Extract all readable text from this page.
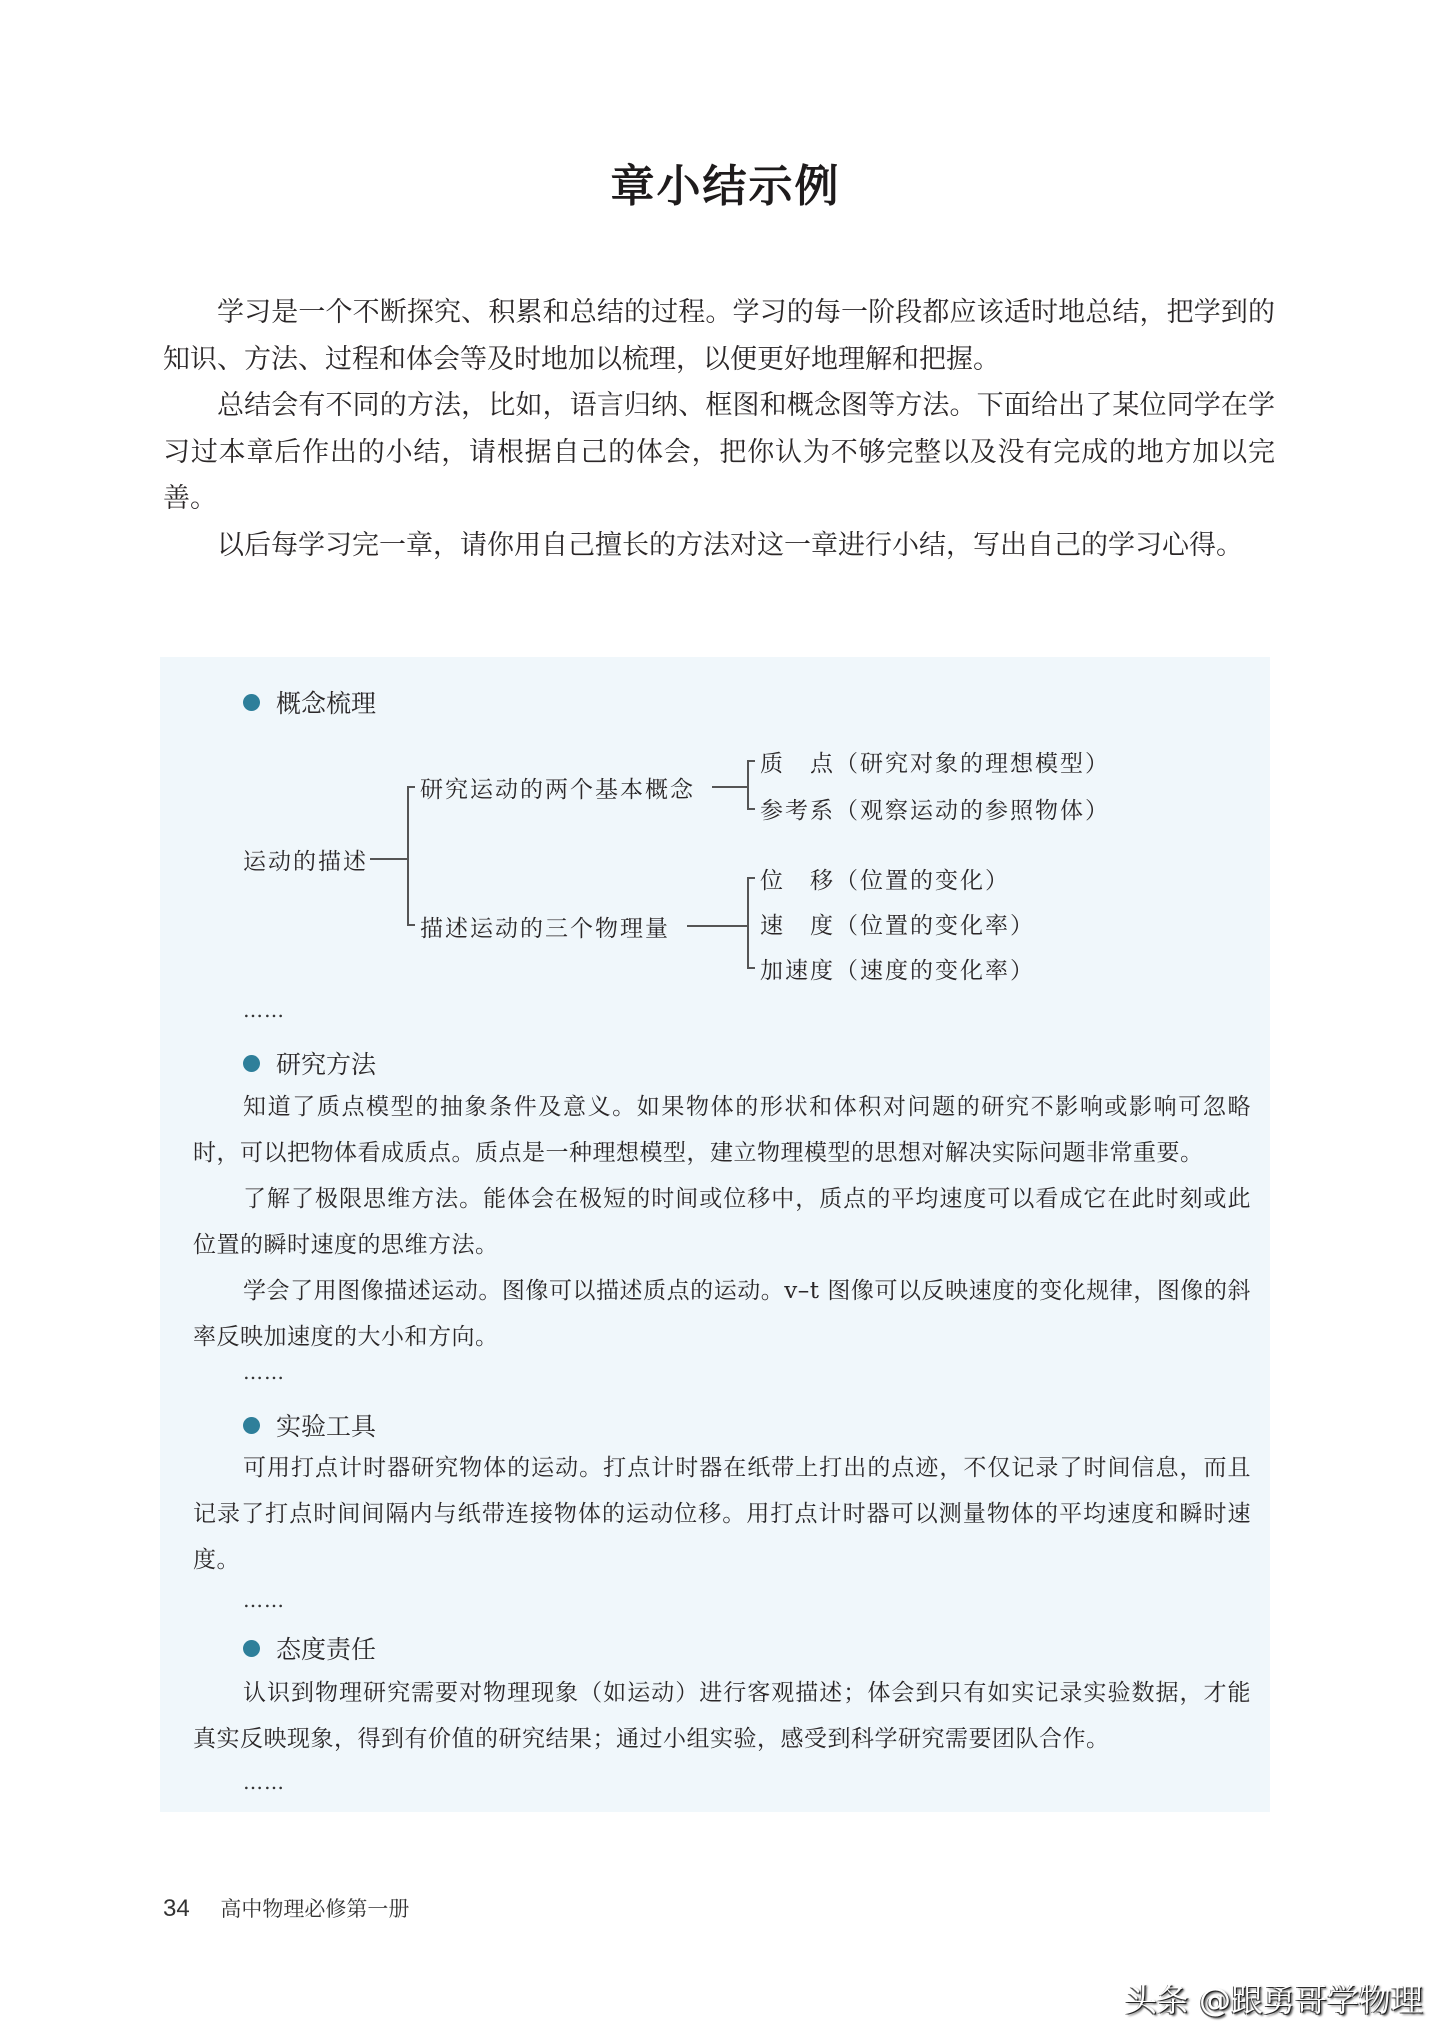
章小结示例

学习是一个不断探究、积累和总结的过程。学习的每一阶段都应该适时地总结，把学到的知识、方法、过程和体会等及时地加以梳理，以便更好地理解和把握。

总结会有不同的方法，比如，语言归纳、框图和概念图等方法。下面给出了某位同学在学习过本章后作出的小结，请根据自己的体会，把你认为不够完整以及没有完成的地方加以完善。

以后每学习完一章，请你用自己擅长的方法对这一章进行小结，写出自己的学习心得。

概念梳理
运动的描述
研究运动的两个基本概念
质　点（研究对象的理想模型）
参考系（观察运动的参照物体）
描述运动的三个物理量
位　移（位置的变化）
速　度（位置的变化率）
加速度（速度的变化率）
……
研究方法

知道了质点模型的抽象条件及意义。如果物体的形状和体积对问题的研究不影响或影响可忽略时，可以把物体看成质点。质点是一种理想模型，建立物理模型的思想对解决实际问题非常重要。

了解了极限思维方法。能体会在极短的时间或位移中，质点的平均速度可以看成它在此时刻或此位置的瞬时速度的思维方法。

学会了用图像描述运动。图像可以描述质点的运动。v–t 图像可以反映速度的变化规律，图像的斜率反映加速度的大小和方向。

……
实验工具

可用打点计时器研究物体的运动。打点计时器在纸带上打出的点迹，不仅记录了时间信息，而且记录了打点时间间隔内与纸带连接物体的运动位移。用打点计时器可以测量物体的平均速度和瞬时速度。

……
态度责任

认识到物理研究需要对物理现象（如运动）进行客观描述；体会到只有如实记录实验数据，才能真实反映现象，得到有价值的研究结果；通过小组实验，感受到科学研究需要团队合作。

……
34 高中物理必修第一册
头条 @跟勇哥学物理
